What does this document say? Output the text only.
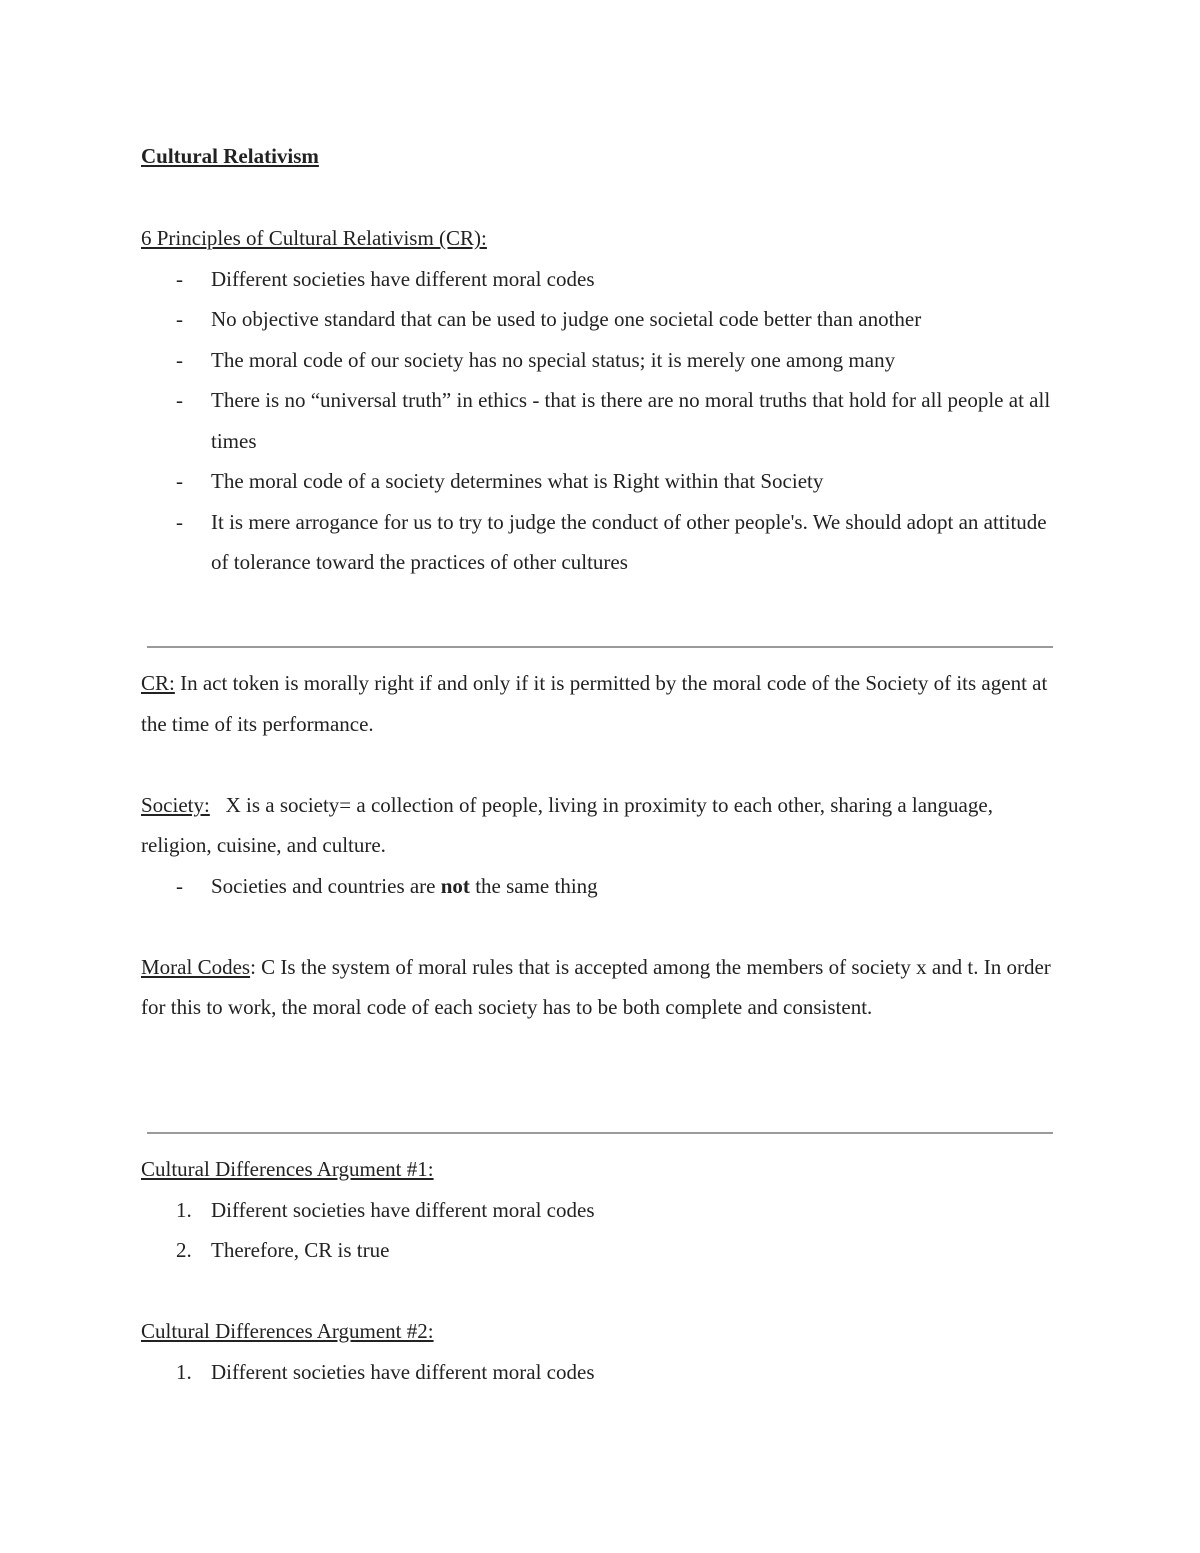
Cultural Relativism
6 Principles of Cultural Relativism (CR):
- Different societies have different moral codes
- No objective standard that can be used to judge one societal code better than another
- The moral code of our society has no special status; it is merely one among many
- There is no “universal truth” in ethics - that is there are no moral truths that hold for all people at all times
- The moral code of a society determines what is Right within that Society
- It is mere arrogance for us to try to judge the conduct of other people's. We should adopt an attitude of tolerance toward the practices of other cultures
CR: In act token is morally right if and only if it is permitted by the moral code of the Society of its agent at the time of its performance.
Society:   X is a society= a collection of people, living in proximity to each other, sharing a language, religion, cuisine, and culture.
- Societies and countries are not the same thing
Moral Codes: C Is the system of moral rules that is accepted among the members of society x and t. In order for this to work, the moral code of each society has to be both complete and consistent.
Cultural Differences Argument #1:
1. Different societies have different moral codes
2. Therefore, CR is true
Cultural Differences Argument #2:
1. Different societies have different moral codes
